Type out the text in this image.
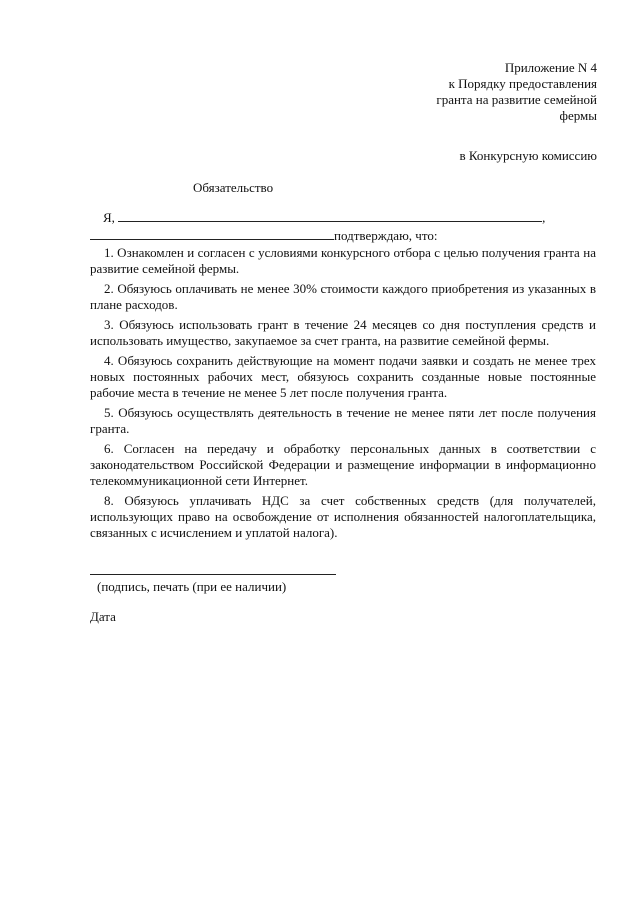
Приложение N 4
к Порядку предоставления
гранта на развитие семейной
фермы
в Конкурсную комиссию
Обязательство
Я,	,
подтверждаю, что:

1. Ознакомлен и согласен с условиями конкурсного отбора с целью получения гранта на развитие семейной фермы.

2. Обязуюсь оплачивать не менее 30% стоимости каждого приобретения из указанных в плане расходов.

3. Обязуюсь использовать грант в течение 24 месяцев со дня поступления средств и использовать имущество, закупаемое за счет гранта, на развитие семейной фермы.

4. Обязуюсь сохранить действующие на момент подачи заявки и создать не менее трех новых постоянных рабочих мест, обязуюсь сохранить созданные новые постоянные рабочие места в течение не менее 5 лет после получения гранта.

5. Обязуюсь осуществлять деятельность в течение не менее пяти лет после получения гранта.

6. Согласен на передачу и обработку персональных данных в соответствии с законодательством Российской Федерации и размещение информации в информационно телекоммуникационной сети Интернет.

8. Обязуюсь уплачивать НДС за счет собственных средств (для получателей, использующих право на освобождение от исполнения обязанностей налогоплательщика, связанных с исчислением и уплатой налога).

(подпись, печать (при ее наличии)
Дата
